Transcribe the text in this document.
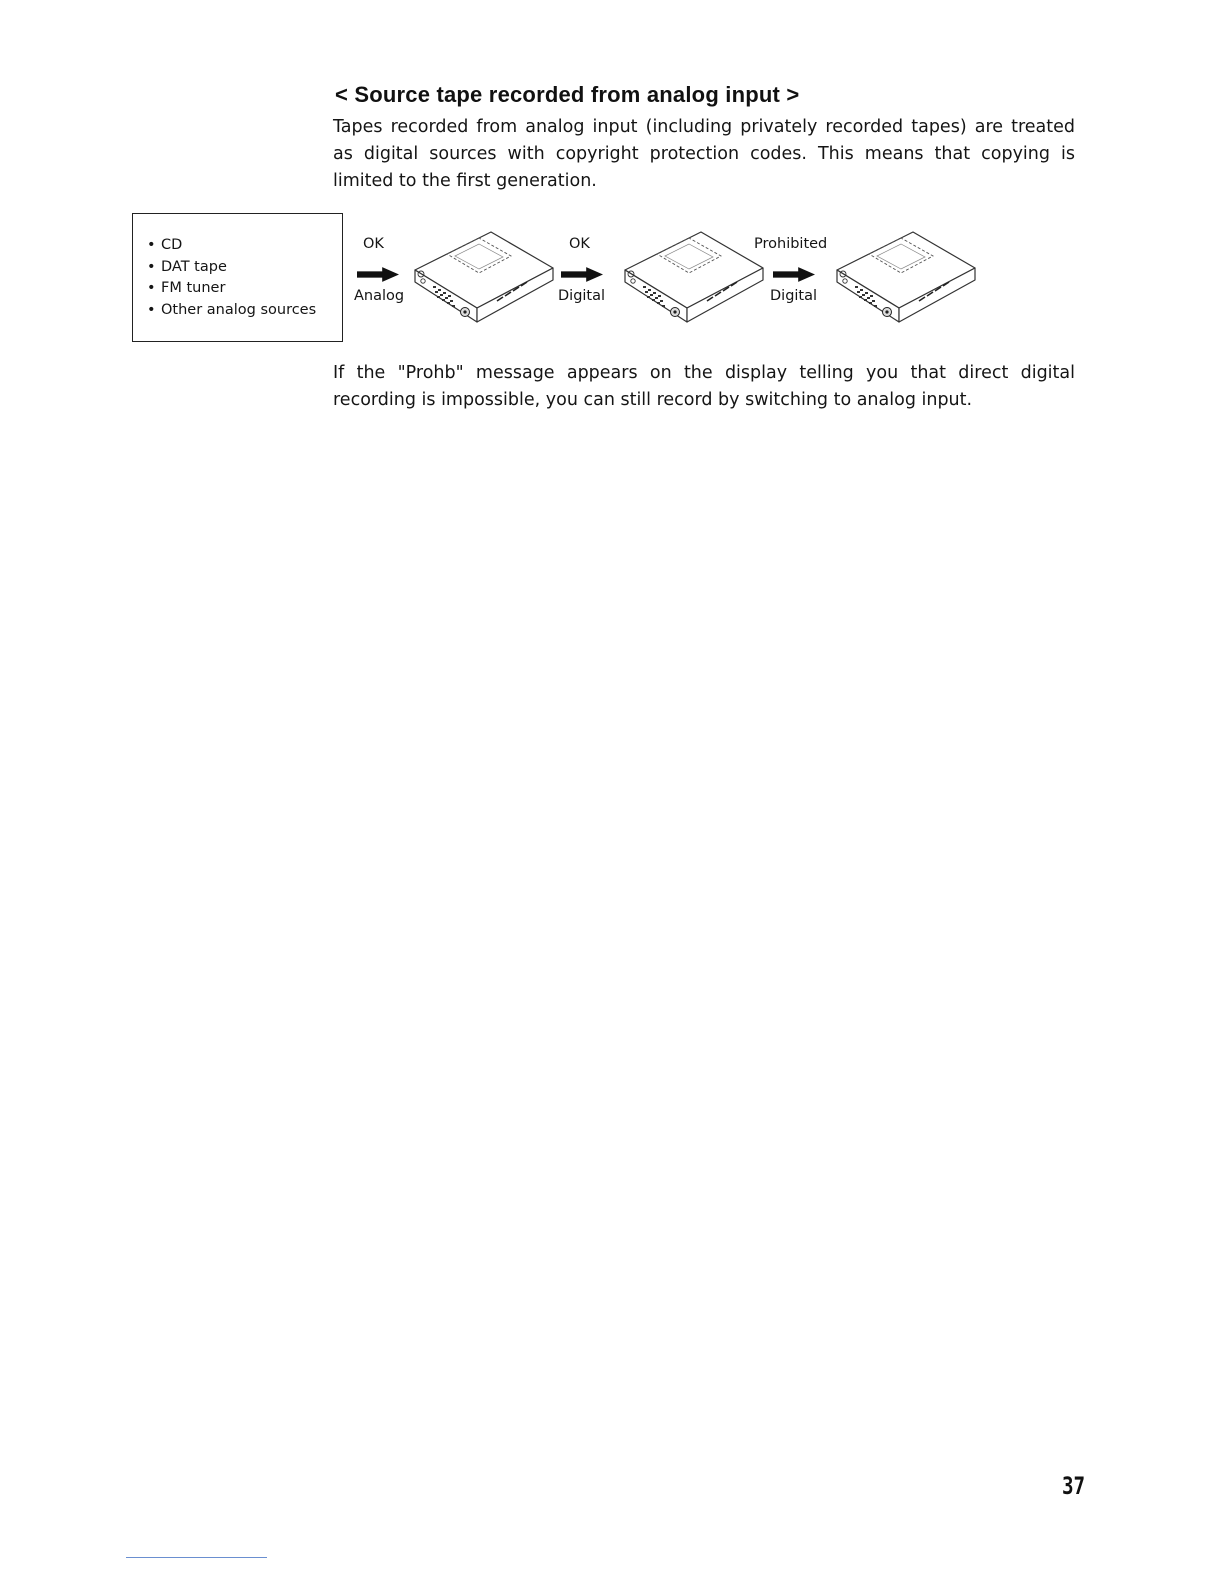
< Source tape recorded from analog input >

Tapes recorded from analog input (including privately recorded tapes) are treated as digital sources with copyright protection codes. This means that copying is limited to the first generation.

• CD
• DAT tape
• FM tuner
• Other analog sources
OK
Analog
OK
Digital
Prohibited
Digital

If the "Prohb" message appears on the display telling you that direct digital recording is impossible, you can still record by switching to analog input.

37
